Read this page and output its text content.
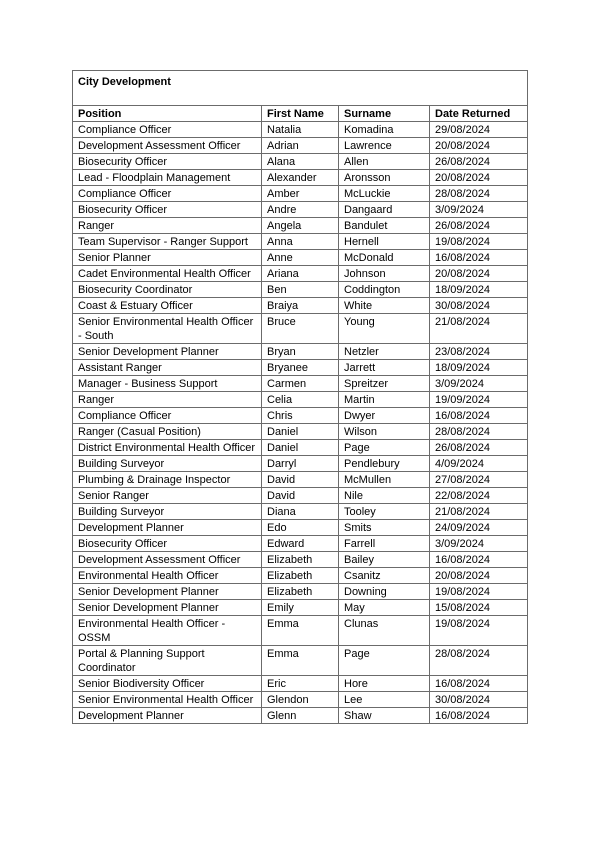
City Development			
Position	First Name	Surname	Date Returned
Compliance Officer	Natalia	Komadina	29/08/2024
Development Assessment Officer	Adrian	Lawrence	20/08/2024
Biosecurity Officer	Alana	Allen	26/08/2024
Lead - Floodplain Management	Alexander	Aronsson	20/08/2024
Compliance Officer	Amber	McLuckie	28/08/2024
Biosecurity Officer	Andre	Dangaard	3/09/2024
Ranger	Angela	Bandulet	26/08/2024
Team Supervisor - Ranger Support	Anna	Hernell	19/08/2024
Senior Planner	Anne	McDonald	16/08/2024
Cadet Environmental Health Officer	Ariana	Johnson	20/08/2024
Biosecurity Coordinator	Ben	Coddington	18/09/2024
Coast & Estuary Officer	Braiya	White	30/08/2024
Senior Environmental Health Officer - South	Bruce	Young	21/08/2024
Senior Development Planner	Bryan	Netzler	23/08/2024
Assistant Ranger	Bryanee	Jarrett	18/09/2024
Manager - Business Support	Carmen	Spreitzer	3/09/2024
Ranger	Celia	Martin	19/09/2024
Compliance Officer	Chris	Dwyer	16/08/2024
Ranger (Casual Position)	Daniel	Wilson	28/08/2024
District Environmental Health Officer	Daniel	Page	26/08/2024
Building Surveyor	Darryl	Pendlebury	4/09/2024
Plumbing & Drainage Inspector	David	McMullen	27/08/2024
Senior Ranger	David	Nile	22/08/2024
Building Surveyor	Diana	Tooley	21/08/2024
Development Planner	Edo	Smits	24/09/2024
Biosecurity Officer	Edward	Farrell	3/09/2024
Development Assessment Officer	Elizabeth	Bailey	16/08/2024
Environmental Health Officer	Elizabeth	Csanitz	20/08/2024
Senior Development Planner	Elizabeth	Downing	19/08/2024
Senior Development Planner	Emily	May	15/08/2024
Environmental Health Officer - OSSM	Emma	Clunas	19/08/2024
Portal & Planning Support Coordinator	Emma	Page	28/08/2024
Senior Biodiversity Officer	Eric	Hore	16/08/2024
Senior Environmental Health Officer	Glendon	Lee	30/08/2024
Development Planner	Glenn	Shaw	16/08/2024
